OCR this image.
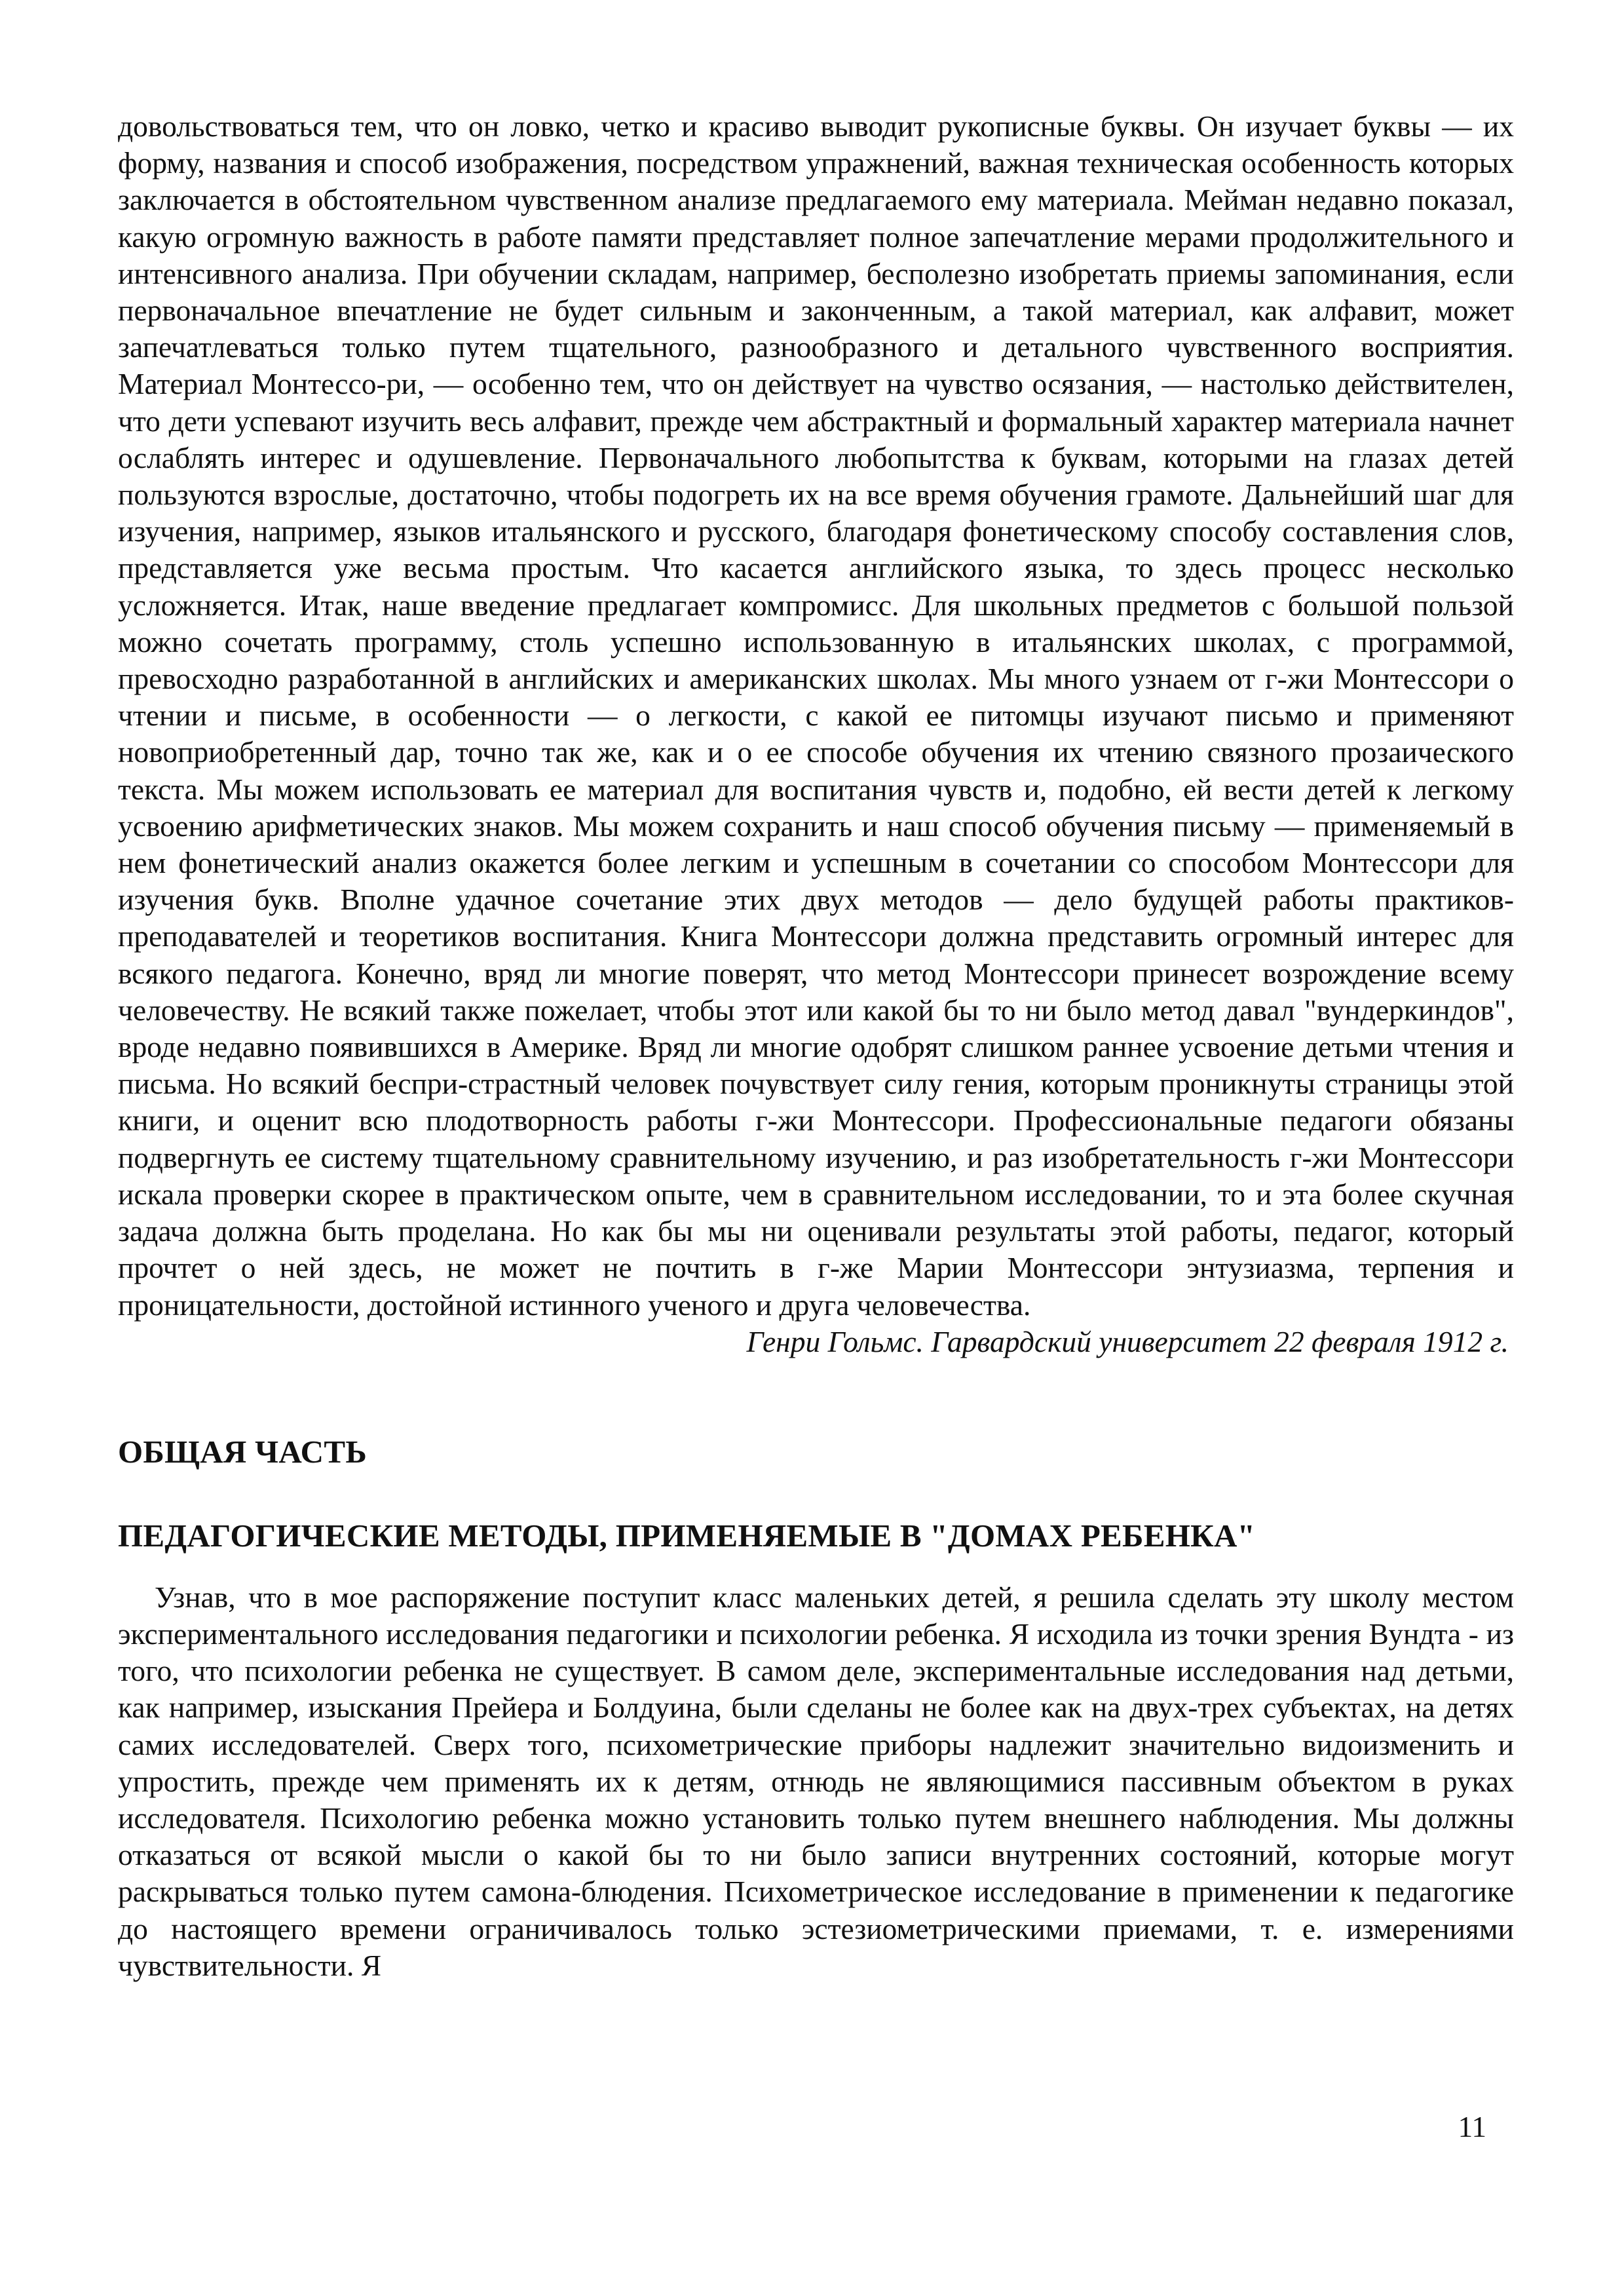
довольствоваться тем, что он ловко, четко и красиво выводит рукописные буквы. Он изучает буквы — их форму, названия и способ изображения, посредством упражнений, важная техническая особенность которых заключается в обстоятельном чувственном анализе предлагаемого ему материала. Мейман недавно показал, какую огромную важность в работе памяти представляет полное запечатление мерами продолжительного и интенсивного анализа. При обучении складам, например, бесполезно изобретать приемы запоминания, если первоначальное впечатление не будет сильным и законченным, а такой материал, как алфавит, может запечатлеваться только путем тщательного, разнообразного и детального чувственного восприятия. Материал Монтессо-ри, — особенно тем, что он действует на чувство осязания, — настолько действителен, что дети успевают изучить весь алфавит, прежде чем абстрактный и формальный характер материала начнет ослаблять интерес и одушевление. Первоначального любопытства к буквам, которыми на глазах детей пользуются взрослые, достаточно, чтобы подогреть их на все время обучения грамоте. Дальнейший шаг для изучения, например, языков итальянского и русского, благодаря фонетическому способу составления слов, представляется уже весьма простым. Что касается английского языка, то здесь процесс несколько усложняется. Итак, наше введение предлагает компромисс. Для школьных предметов с большой пользой можно сочетать программу, столь успешно использованную в итальянских школах, с программой, превосходно разработанной в английских и американских школах. Мы много узнаем от г-жи Монтессори о чтении и письме, в особенности — о легкости, с какой ее питомцы изучают письмо и применяют новоприобретенный дар, точно так же, как и о ее способе обучения их чтению связного прозаического текста. Мы можем использовать ее материал для воспитания чувств и, подобно, ей вести детей к легкому усвоению арифметических знаков. Мы можем сохранить и наш способ обучения письму — применяемый в нем фонетический анализ окажется более легким и успешным в сочетании со способом Монтессори для изучения букв. Вполне удачное сочетание этих двух методов — дело будущей работы практиков-преподавателей и теоретиков воспитания. Книга Монтессори должна представить огромный интерес для всякого педагога. Конечно, вряд ли многие поверят, что метод Монтессори принесет возрождение всему человечеству. Не всякий также пожелает, чтобы этот или какой бы то ни было метод давал "вундеркиндов", вроде недавно появившихся в Америке. Вряд ли многие одобрят слишком раннее усвоение детьми чтения и письма. Но всякий беспри-страстный человек почувствует силу гения, которым проникнуты страницы этой книги, и оценит всю плодотворность работы г-жи Монтессори. Профессиональные педагоги обязаны подвергнуть ее систему тщательному сравнительному изучению, и раз изобретательность г-жи Монтессори искала проверки скорее в практическом опыте, чем в сравнительном исследовании, то и эта более скучная задача должна быть проделана. Но как бы мы ни оценивали результаты этой работы, педагог, который прочтет о ней здесь, не может не почтить в г-же Марии Монтессори энтузиазма, терпения и проницательности, достойной истинного ученого и друга человечества.

Генри Гольмс. Гарвардский университет 22 февраля 1912 г.

ОБЩАЯ ЧАСТЬ
ПЕДАГОГИЧЕСКИЕ МЕТОДЫ, ПРИМЕНЯЕМЫЕ В "ДОМАХ РЕБЕНКА"

Узнав, что в мое распоряжение поступит класс маленьких детей, я решила сделать эту школу местом экспериментального исследования педагогики и психологии ребенка. Я исходила из точки зрения Вундта - из того, что психологии ребенка не существует. В самом деле, экспериментальные исследования над детьми, как например, изыскания Прейера и Болдуина, были сделаны не более как на двух-трех субъектах, на детях самих исследователей. Сверх того, психометрические приборы надлежит значительно видоизменить и упростить, прежде чем применять их к детям, отнюдь не являющимися пассивным объектом в руках исследователя. Психологию ребенка можно установить только путем внешнего наблюдения. Мы должны отказаться от всякой мысли о какой бы то ни было записи внутренних состояний, которые могут раскрываться только путем самона-блюдения. Психометрическое исследование в применении к педагогике до настоящего времени ограничивалось только эстезиометрическими приемами, т. е. измерениями чувствительности. Я

11
